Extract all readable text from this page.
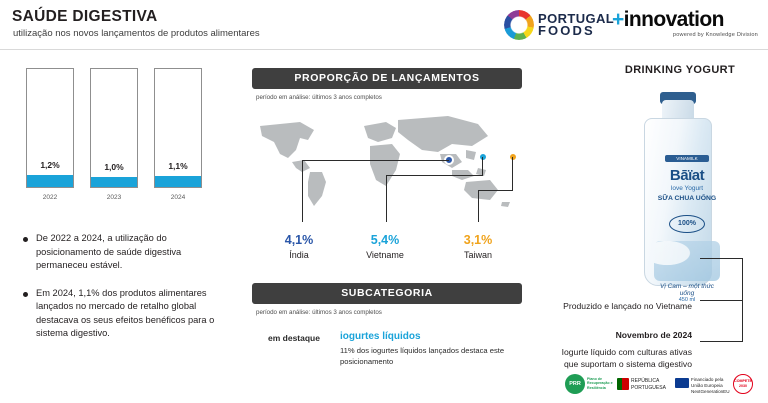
SAÚDE DIGESTIVA
utilização nos novos lançamentos de produtos alimentares
PORTUGAL
FOODS +innovation
powered by Knowledge Division
1,2%
2022
1,0%
2023
1,1%
2024
De 2022 a 2024, a utilização do posicionamento de saúde digestiva permaneceu estável.
Em 2024, 1,1% dos produtos alimentares lançados no mercado de retalho global destacava os seus efeitos benéficos para o sistema digestivo.
PROPORÇÃO DE LANÇAMENTOS
período em análise: últimos 3 anos completos
4,1%
Índia
5,4%
Vietname
3,1%
Taiwan
SUBCATEGORIA
período em análise: últimos 3 anos completos
em destaque iogurtes líquidos
11% dos iogurtes líquidos lançados destaca este posicionamento
DRINKING YOGURT
VINAMILK
Bāïat
love Yogurt
SỮA CHUA UỐNG
100%
Vị Cam – một thức uống
450 ml
Produzido e lançado no Vietname
Novembro de 2024
Iogurte líquido com culturas ativas que suportam o sistema digestivo
PRR
Plano de Recuperação e Resiliência
REPÚBLICA
PORTUGUESA
Financiado pela
União Europeia
NextGenerationEU
COMPETE
2030
